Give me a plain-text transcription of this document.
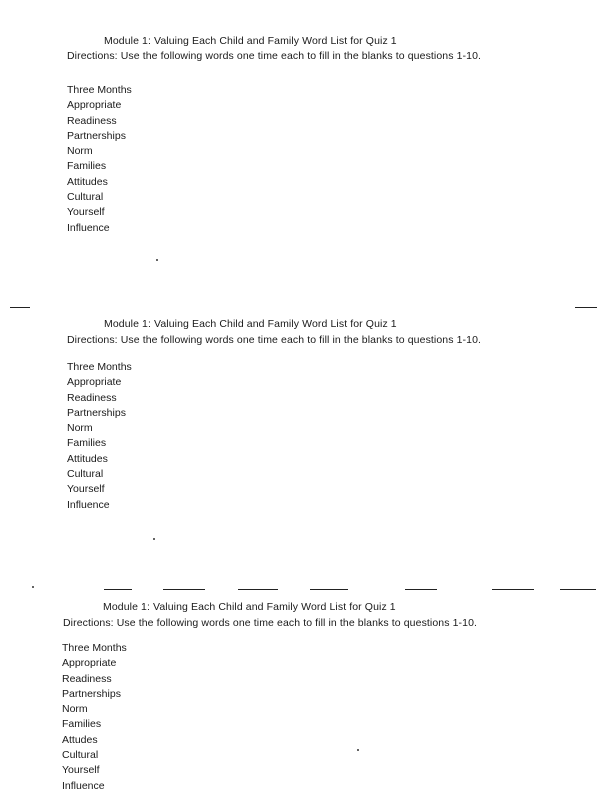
Module 1: Valuing Each Child and Family Word List for Quiz 1
Directions: Use the following words one time each to fill in the blanks to questions 1-10.
Three Months
Appropriate
Readiness
Partnerships
Norm
Families
Attitudes
Cultural
Yourself
Influence
Module 1: Valuing Each Child and Family Word List for Quiz 1
Directions: Use the following words one time each to fill in the blanks to questions 1-10.
Three Months
Appropriate
Readiness
Partnerships
Norm
Families
Attitudes
Cultural
Yourself
Influence
Module 1: Valuing Each Child and Family Word List for Quiz 1
Directions: Use the following words one time each to fill in the blanks to questions 1-10.
Three Months
Appropriate
Readiness
Partnerships
Norm
Families
Attudes
Cultural
Yourself
Influence
